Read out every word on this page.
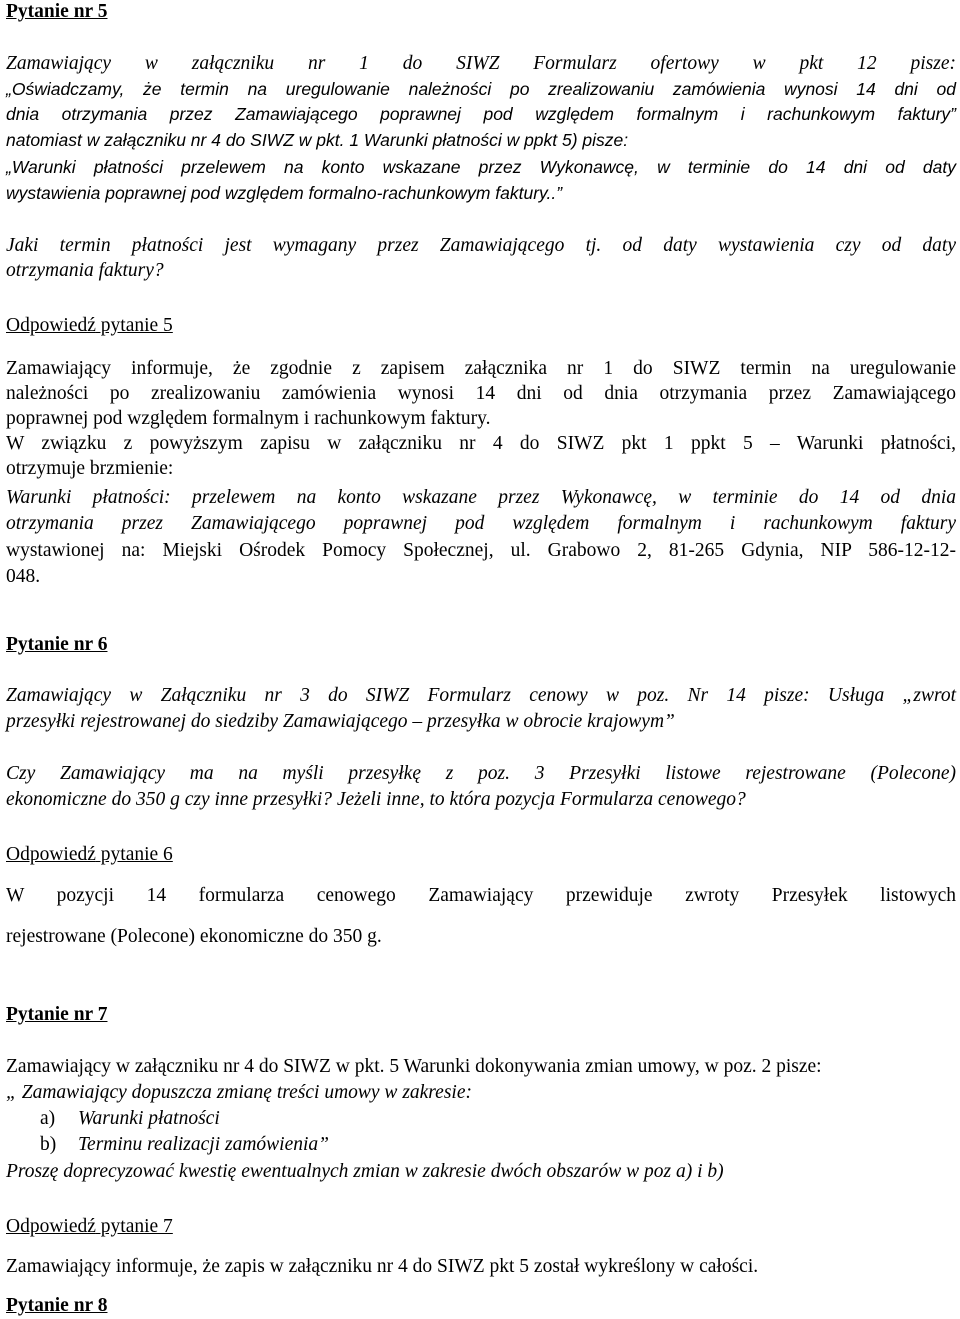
Pytanie nr 5
Zamawiający w załączniku nr 1 do SIWZ Formularz ofertowy w pkt 12 pisze:
„Oświadczamy, że termin na uregulowanie należności po zrealizowaniu zamówienia wynosi 14 dni od
dnia otrzymania przez Zamawiającego poprawnej pod względem formalnym i rachunkowym faktury”
natomiast w załączniku nr 4 do SIWZ w pkt. 1 Warunki płatności w ppkt 5) pisze:
„Warunki płatności przelewem na konto wskazane przez Wykonawcę, w terminie do 14 dni od daty
wystawienia poprawnej pod względem formalno-rachunkowym faktury..”
Jaki termin płatności jest wymagany przez Zamawiającego tj. od daty wystawienia czy od daty
otrzymania faktury?
Odpowiedź pytanie 5
Zamawiający informuje, że zgodnie z zapisem załącznika nr 1 do SIWZ termin na uregulowanie
należności po zrealizowaniu zamówienia wynosi 14 dni od dnia otrzymania przez Zamawiającego
poprawnej pod względem formalnym i rachunkowym faktury.
W związku z powyższym zapisu w załączniku nr 4 do SIWZ pkt 1 ppkt 5 – Warunki płatności,
otrzymuje brzmienie:
Warunki płatności: przelewem na konto wskazane przez Wykonawcę, w terminie do 14 od dnia
otrzymania przez Zamawiającego poprawnej pod względem formalnym i rachunkowym faktury
wystawionej na: Miejski Ośrodek Pomocy Społecznej, ul. Grabowo 2, 81-265 Gdynia, NIP 586-12-12-
048.
Pytanie nr 6
Zamawiający w Załączniku nr 3 do SIWZ Formularz cenowy w poz. Nr 14 pisze: Usługa „zwrot
przesyłki rejestrowanej do siedziby Zamawiającego – przesyłka w obrocie krajowym”
Czy Zamawiający ma na myśli przesyłkę z poz. 3 Przesyłki listowe rejestrowane (Polecone)
ekonomiczne do 350 g czy inne przesyłki? Jeżeli inne, to która pozycja Formularza cenowego?
Odpowiedź pytanie 6
W pozycji 14 formularza cenowego Zamawiający przewiduje zwroty Przesyłek listowych
rejestrowane (Polecone) ekonomiczne do 350 g.
Pytanie nr 7
Zamawiający w załączniku nr 4 do SIWZ w pkt. 5 Warunki dokonywania zmian umowy, w poz. 2 pisze:
„ Zamawiający dopuszcza zmianę treści umowy w zakresie:
a) Warunki płatności
b) Terminu realizacji zamówienia”
Proszę doprecyzować kwestię ewentualnych zmian w zakresie dwóch obszarów w poz a) i b)
Odpowiedź pytanie 7
Zamawiający informuje, że zapis w załączniku nr 4 do SIWZ pkt 5 został wykreślony w całości.
Pytanie nr 8
